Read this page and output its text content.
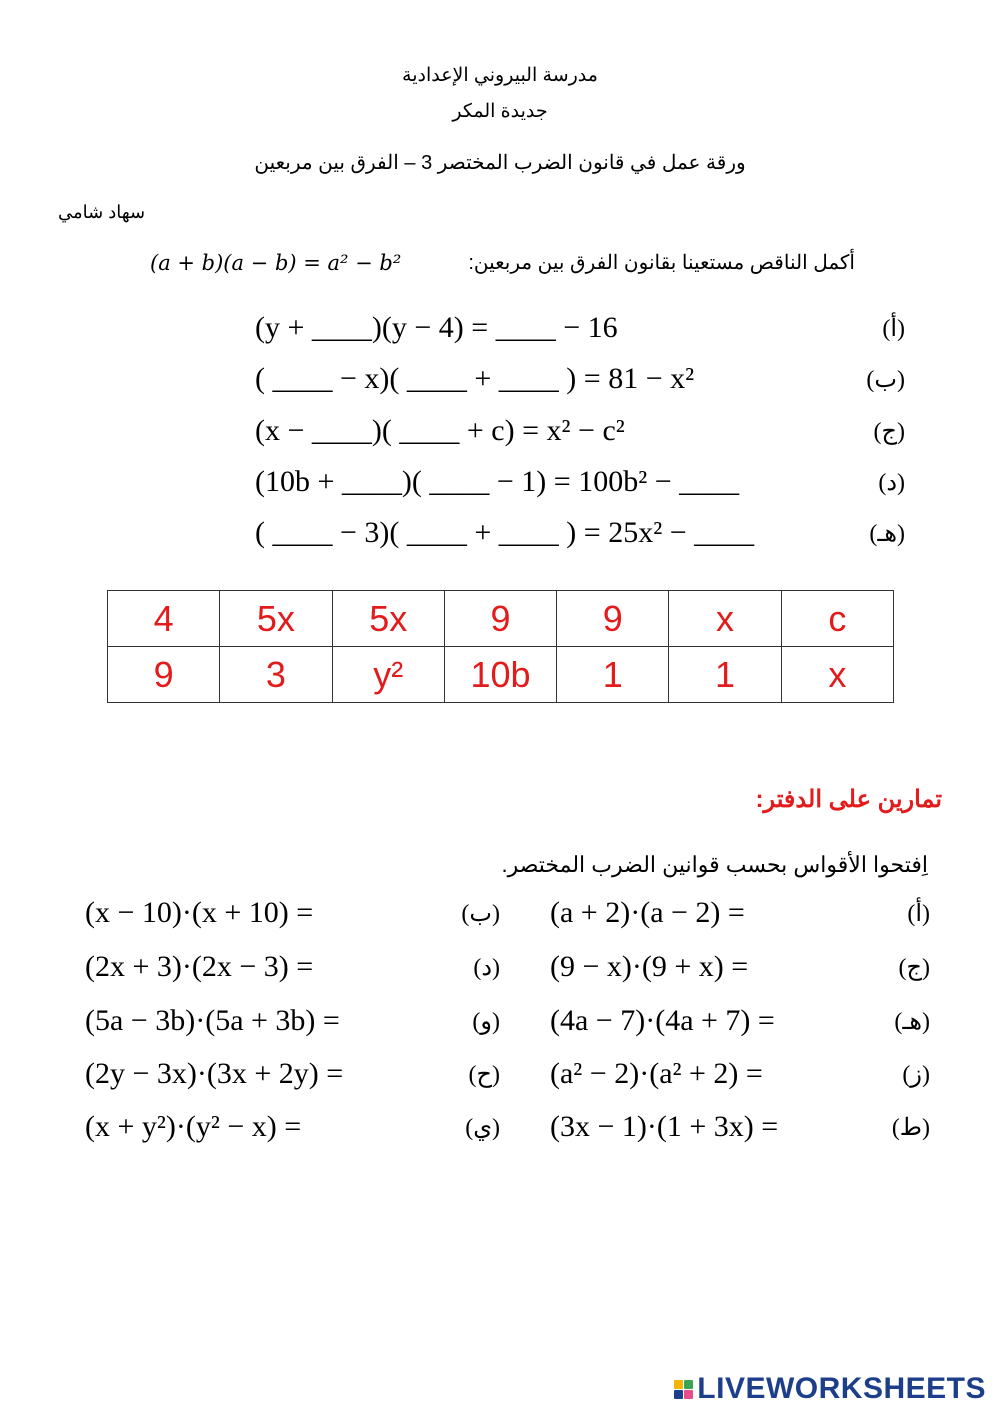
مدرسة البيروني الإعدادية
جديدة المكر
ورقة عمل في قانون الضرب المختصر 3 – الفرق بين مربعين
سهاد شامي
(a + b)(a − b) = a² − b²	أكمل الناقص مستعينا بقانون الفرق بين مربعين:
(y + ____)(y − 4) = ____ − 16	(أ)
( ____ − x)( ____ + ____ ) = 81 − x²	(ب)
(x − ____)( ____ + c) = x² − c²	(ج)
(10b + ____)( ____ − 1) = 100b² − ____	(د)
( ____ − 3)( ____ + ____ ) = 25x² − ____	(هـ)
4	5x	5x	9	9	x	c
9	3	y²	10b	1	1	x
تمارين على الدفتر:
اِفتحوا الأقواس بحسب قوانين الضرب المختصر.
(x − 10)·(x + 10) =	(ب) (a + 2)·(a − 2) =	(أ)
(2x + 3)·(2x − 3) =	(د) (9 − x)·(9 + x) =	(ج)
(5a − 3b)·(5a + 3b) =	(و) (4a − 7)·(4a + 7) =	(هـ)
(2y − 3x)·(3x + 2y) =	(ح) (a² − 2)·(a² + 2) =	(ز)
(x + y²)·(y² − x) =	(ي) (3x − 1)·(1 + 3x) =	(ط)
LIVEWORKSHEETS
